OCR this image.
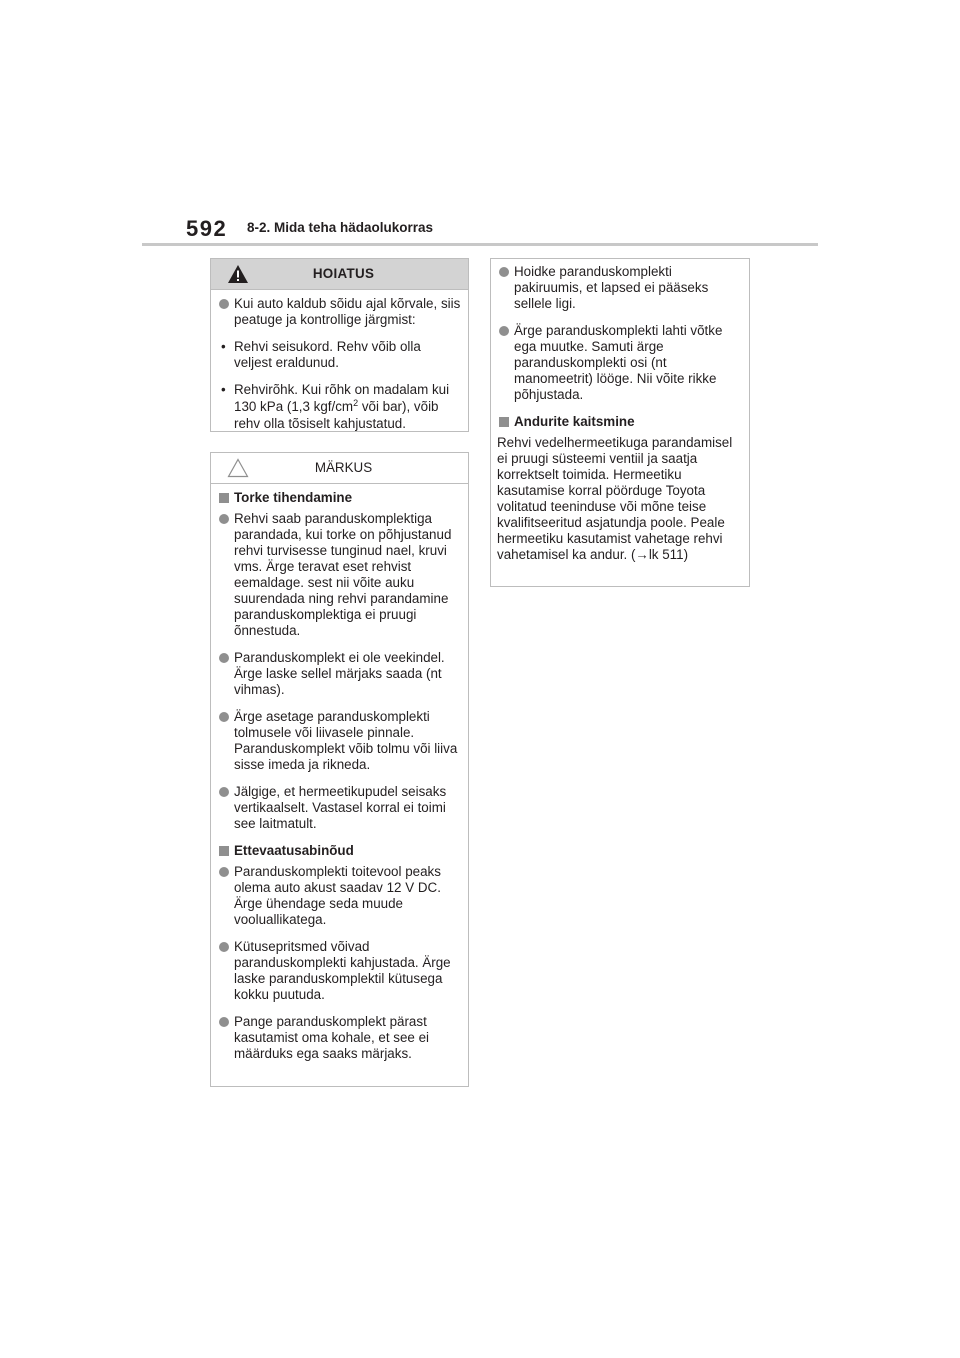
592 8-2. Mida teha hädaolukorras
HOIATUS

Kui auto kaldub sõidu ajal kõrvale, siis peatuge ja kontrollige järgmist:

• Rehvi seisukord. Rehv võib olla veljest eraldunud.

• Rehvirõhk. Kui rõhk on madalam kui 130 kPa (1,3 kgf/$cm^2$ või bar), võib rehv olla tõsiselt kahjustatud.

MÄRKUS
Torke tihendamine

Rehvi saab paranduskomplektiga parandada, kui torke on põhjustanud rehvi turvisesse tunginud nael, kruvi vms. Ärge teravat eset rehvist eemaldage. sest nii võite auku suurendada ning rehvi parandamine paranduskomplektiga ei pruugi õnnestuda.

Paranduskomplekt ei ole veekindel. Ärge laske sellel märjaks saada (nt vihmas).

Ärge asetage paranduskomplekti tolmusele või liivasele pinnale. Paranduskomplekt võib tolmu või liiva sisse imeda ja rikneda.

Jälgige, et hermeetikupudel seisaks vertikaalselt. Vastasel korral ei toimi see laitmatult.

Ettevaatusabinõud

Paranduskomplekti toitevool peaks olema auto akust saadav 12 V DC. Ärge ühendage seda muude vooluallikatega.

Kütusepritsmed võivad paranduskomplekti kahjustada. Ärge laske paranduskomplektil kütusega kokku puutuda.

Pange paranduskomplekt pärast kasutamist oma kohale, et see ei määrduks ega saaks märjaks.

Hoidke paranduskomplekti pakiruumis, et lapsed ei pääseks sellele ligi.

Ärge paranduskomplekti lahti võtke ega muutke. Samuti ärge paranduskomplekti osi (nt manomeetrit) lööge. Nii võite rikke põhjustada.

Andurite kaitsmine

Rehvi vedelhermeetikuga parandamisel ei pruugi süsteemi ventiil ja saatja korrektselt toimida. Hermeetiku kasutamise korral pöörduge Toyota volitatud teeninduse või mõne teise kvalifitseeritud asjatundja poole. Peale hermeetiku kasutamist vahetage rehvi vahetamisel ka andur. (→lk 511)
